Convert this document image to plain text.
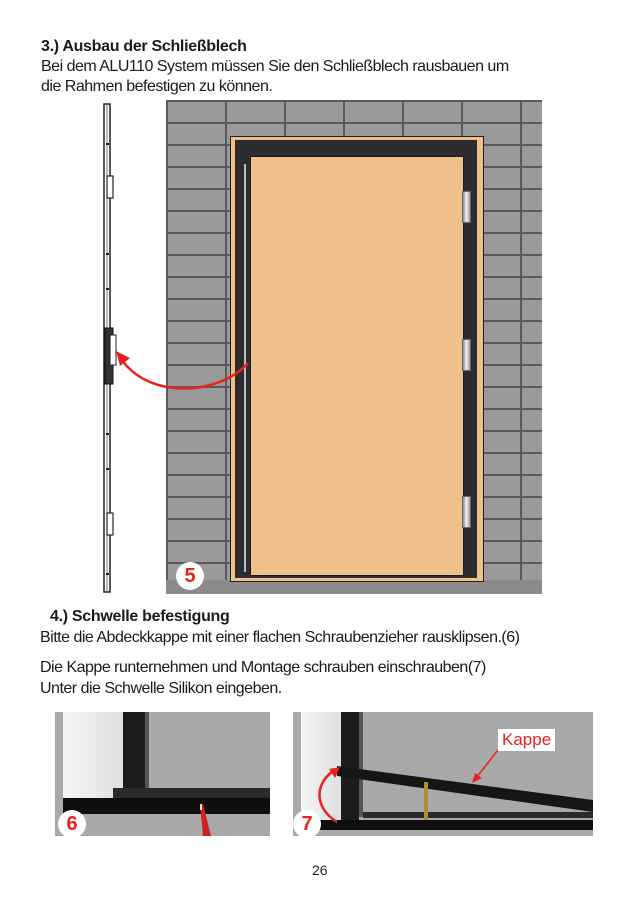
3.) Ausbau der Schließblech
Bei dem ALU110 System müssen Sie den Schließblech rausbauen um
die Rahmen befestigen zu können.
5
4.) Schwelle befestigung
Bitte die Abdeckkappe mit einer flachen Schraubenzieher rausklipsen.(6)
Die Kappe runternehmen und Montage schrauben einschrauben(7)
Unter die Schwelle Silikon eingeben.
6
Kappe
7
26
